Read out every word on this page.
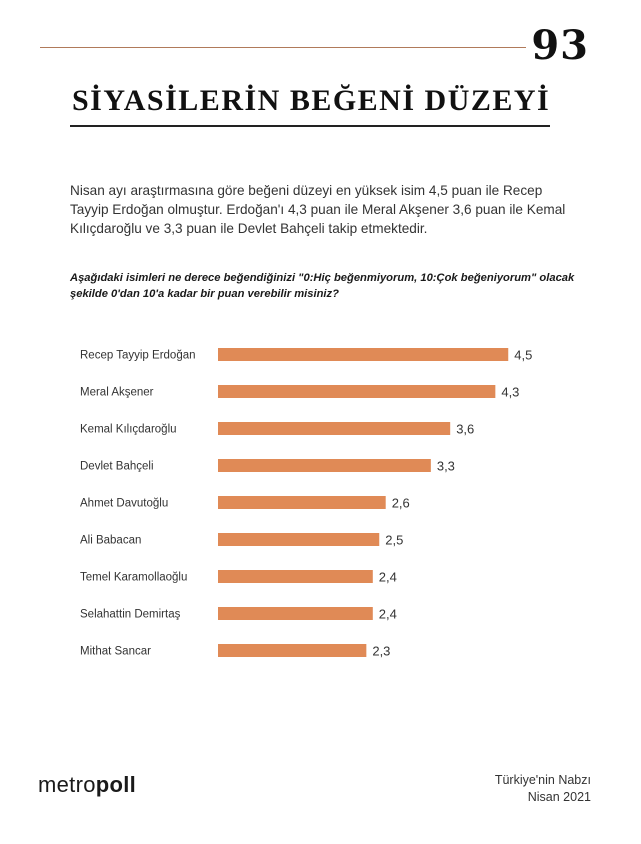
93
SİYASİLERİN BEĞENİ DÜZEYİ
Nisan ayı araştırmasına göre beğeni düzeyi en yüksek isim 4,5 puan ile Recep Tayyip Erdoğan olmuştur. Erdoğan'ı 4,3 puan ile Meral Akşener 3,6 puan ile Kemal Kılıçdaroğlu ve 3,3 puan ile Devlet Bahçeli takip etmektedir.
Aşağıdaki isimleri ne derece beğendiğinizi "0:Hiç beğenmiyorum, 10:Çok beğeniyorum" olacak şekilde 0'dan 10'a kadar bir puan verebilir misiniz?
Recep Tayyip Erdoğan	4,5
Meral Akşener	4,3
Kemal Kılıçdaroğlu	3,6
Devlet Bahçeli	3,3
Ahmet Davutoğlu	2,6
Ali Babacan	2,5
Temel Karamollaoğlu	2,4
Selahattin Demirtaş	2,4
Mithat Sancar	2,3
metropoll	Türkiye'nin Nabzı
Nisan 2021
